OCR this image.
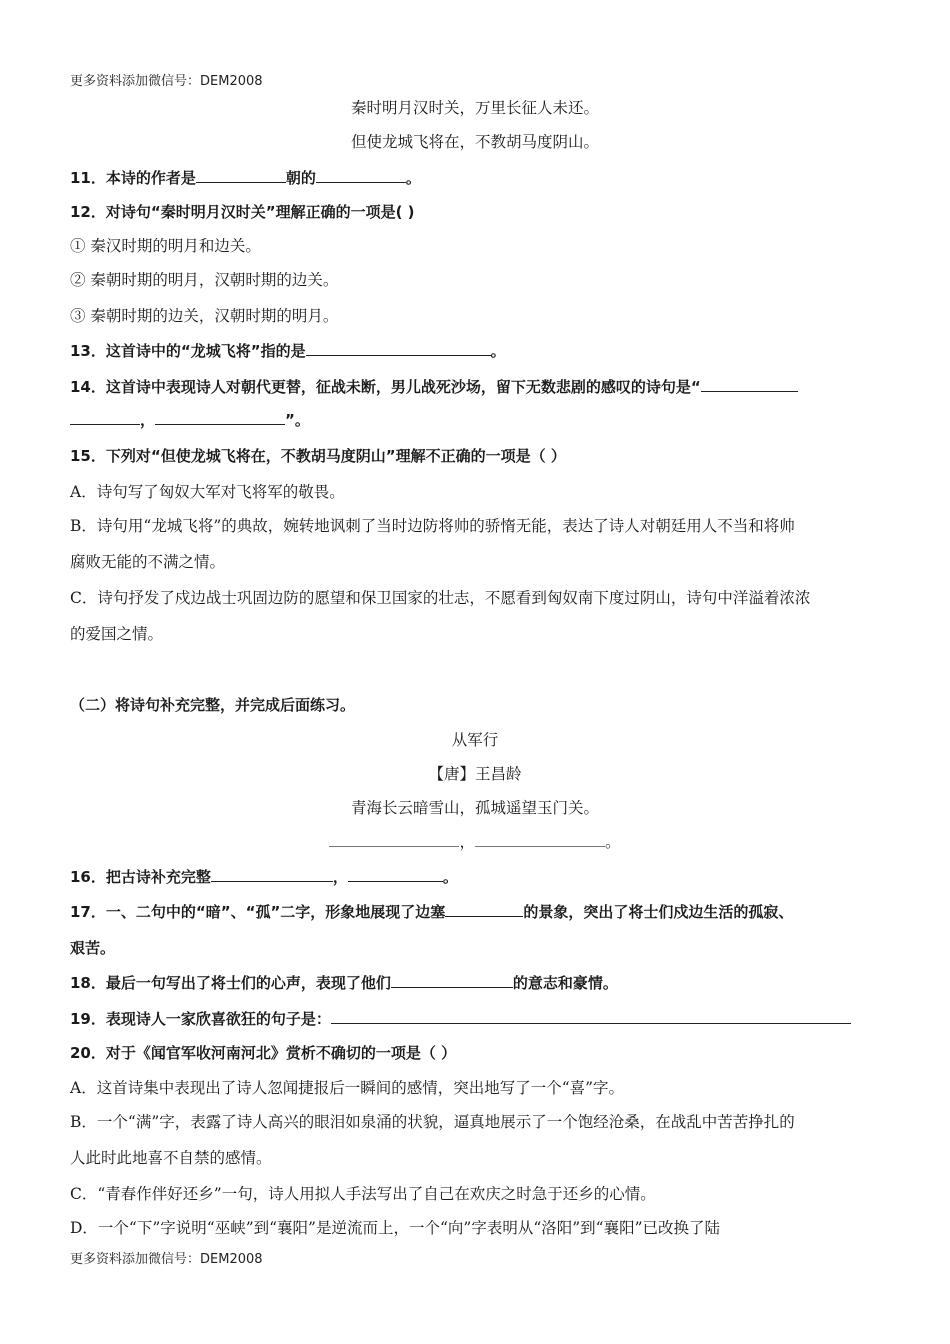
更多资料添加微信号：DEM2008
秦时明月汉时关，万里长征人未还。
但使龙城飞将在，不教胡马度阴山。
11．本诗的作者是	朝的	。
12．对诗句“秦时明月汉时关”理解正确的一项是( )
① 秦汉时期的明月和边关。
② 秦朝时期的明月，汉朝时期的边关。
③ 秦朝时期的边关，汉朝时期的明月。
13．这首诗中的“龙城飞将”指的是	。
14．这首诗中表现诗人对朝代更替，征战未断，男儿战死沙场，留下无数悲剧的感叹的诗句是“
，	”。
15．下列对“但使龙城飞将在，不教胡马度阴山”理解不正确的一项是（ ）
A．诗句写了匈奴大军对飞将军的敬畏。
B．诗句用“龙城飞将”的典故，婉转地讽刺了当时边防将帅的骄惰无能，表达了诗人对朝廷用人不当和将帅
腐败无能的不满之情。
C．诗句抒发了戍边战士巩固边防的愿望和保卫国家的壮志，不愿看到匈奴南下度过阴山，诗句中洋溢着浓浓
的爱国之情。
（二）将诗句补充完整，并完成后面练习。
从军行
【唐】王昌龄
青海长云暗雪山，孤城遥望玉门关。
，	。
16．把古诗补充完整	，	。
17．一、二句中的“暗”、“孤”二字，形象地展现了边塞	的景象，突出了将士们戍边生活的孤寂、
艰苦。
18．最后一句写出了将士们的心声，表现了他们	的意志和豪情。
19．表现诗人一家欣喜欲狂的句子是：
20．对于《闻官军收河南河北》赏析不确切的一项是（ ）
A．这首诗集中表现出了诗人忽闻捷报后一瞬间的感情，突出地写了一个“喜”字。
B．一个“满”字，表露了诗人高兴的眼泪如泉涌的状貌，逼真地展示了一个饱经沧桑，在战乱中苦苦挣扎的
人此时此地喜不自禁的感情。
C．“青春作伴好还乡”一句，诗人用拟人手法写出了自己在欢庆之时急于还乡的心情。
D．一个“下”字说明“巫峡”到“襄阳”是逆流而上，一个“向”字表明从“洛阳”到“襄阳”已改换了陆
更多资料添加微信号：DEM2008
